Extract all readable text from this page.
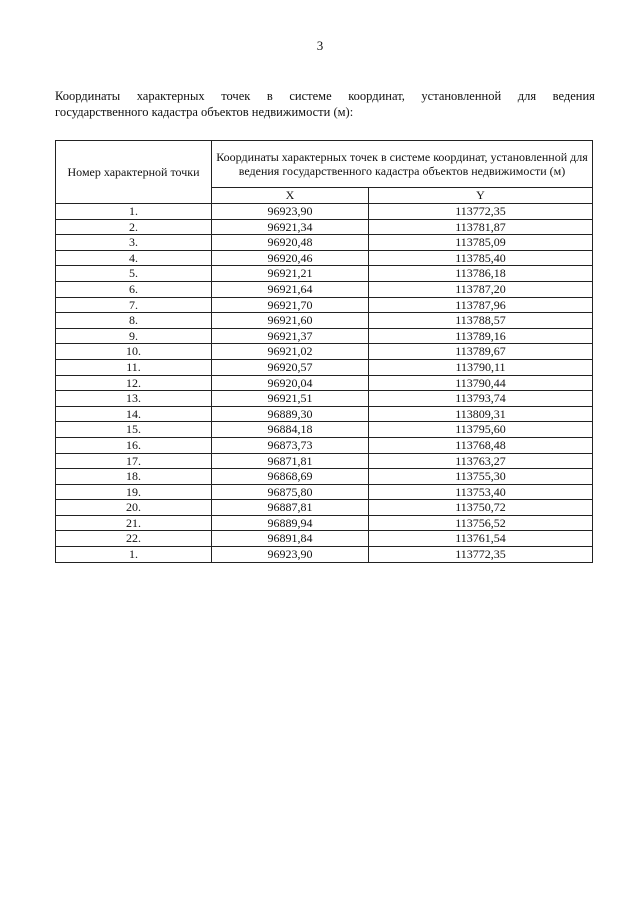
3
Координаты характерных точек в системе координат, установленной для ведения
государственного кадастра объектов недвижимости (м):
Номер характерной точки	Координаты характерных точек в системе координат, установленной для ведения государственного кадастра объектов недвижимости (м)	
	X	Y
1.	96923,90	113772,35
2.	96921,34	113781,87
3.	96920,48	113785,09
4.	96920,46	113785,40
5.	96921,21	113786,18
6.	96921,64	113787,20
7.	96921,70	113787,96
8.	96921,60	113788,57
9.	96921,37	113789,16
10.	96921,02	113789,67
11.	96920,57	113790,11
12.	96920,04	113790,44
13.	96921,51	113793,74
14.	96889,30	113809,31
15.	96884,18	113795,60
16.	96873,73	113768,48
17.	96871,81	113763,27
18.	96868,69	113755,30
19.	96875,80	113753,40
20.	96887,81	113750,72
21.	96889,94	113756,52
22.	96891,84	113761,54
1.	96923,90	113772,35
